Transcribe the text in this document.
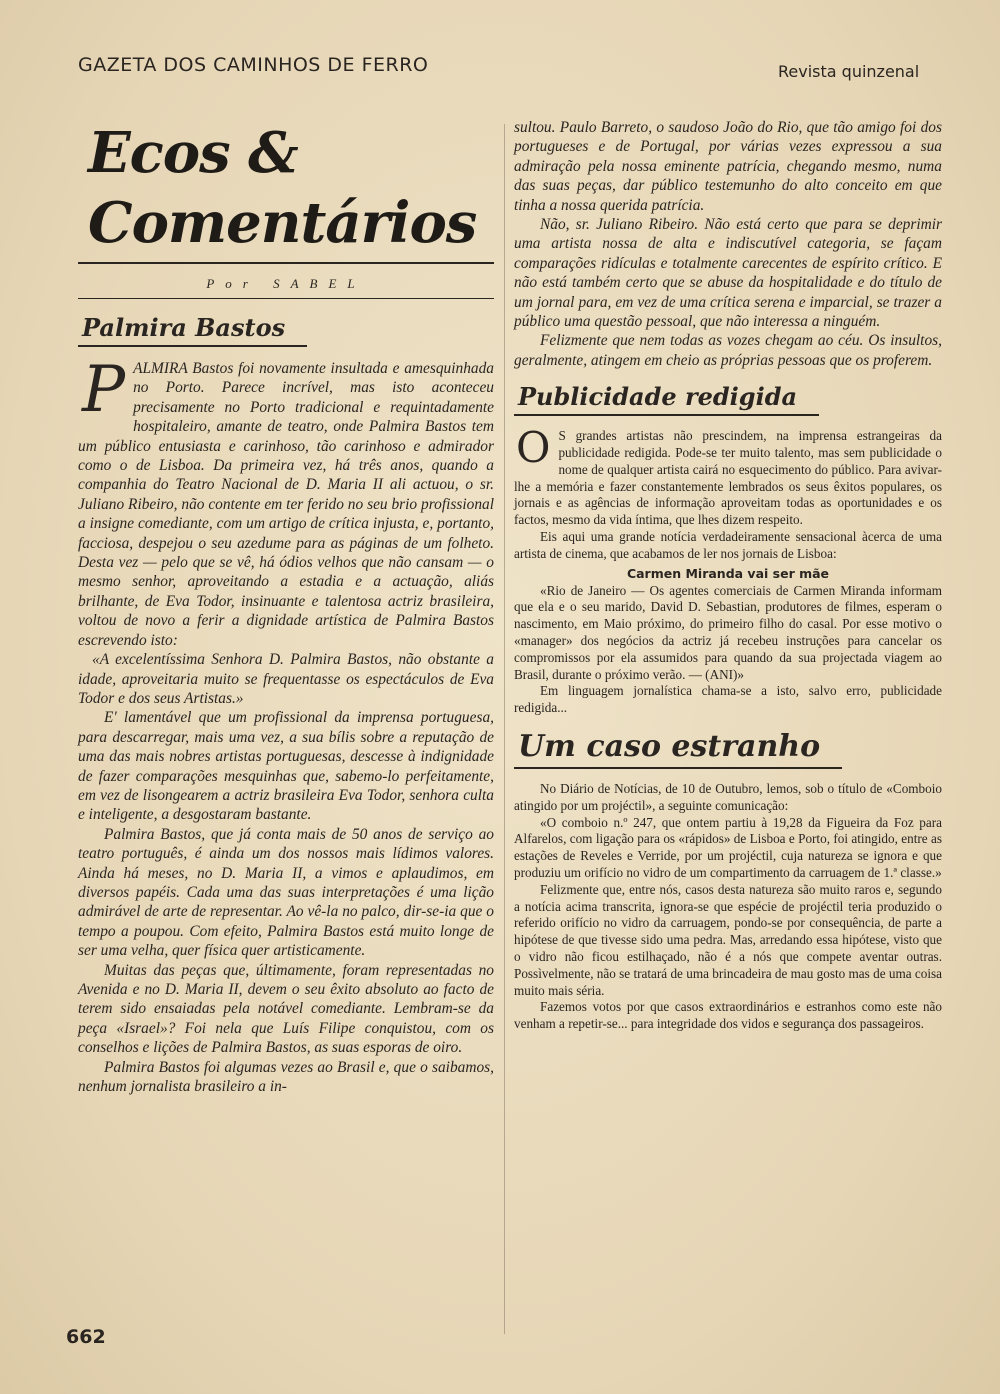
GAZETA DOS CAMINHOS DE FERRO	Revista quinzenal
Ecos & Comentários
Por SABEL
Palmira Bastos

PALMIRA Bastos foi novamente insultada e amesquinhada no Porto. Parece incrível, mas isto aconteceu precisamente no Porto tradicional e requintadamente hospitaleiro, amante de teatro, onde Palmira Bastos tem um público entusiasta e carinhoso, tão carinhoso e admirador como o de Lisboa. Da primeira vez, há três anos, quando a companhia do Teatro Nacional de D. Maria II ali actuou, o sr. Juliano Ribeiro, não contente em ter ferido no seu brio profissional a insigne comediante, com um artigo de crítica injusta, e, portanto, facciosa, despejou o seu azedume para as páginas de um folheto. Desta vez — pelo que se vê, há ódios velhos que não cansam — o mesmo senhor, aproveitando a estadia e a actuação, aliás brilhante, de Eva Todor, insinuante e talentosa actriz brasileira, voltou de novo a ferir a dignidade artística de Palmira Bastos escrevendo isto:

«A excelentíssima Senhora D. Palmira Bastos, não obstante a idade, aproveitaria muito se frequentasse os espectáculos de Eva Todor e dos seus Artistas.»

E' lamentável que um profissional da imprensa portuguesa, para descarregar, mais uma vez, a sua bílis sobre a reputação de uma das mais nobres artistas portuguesas, descesse à indignidade de fazer comparações mesquinhas que, sabemo-lo perfeitamente, em vez de lisongearem a actriz brasileira Eva Todor, senhora culta e inteligente, a desgostaram bastante.

Palmira Bastos, que já conta mais de 50 anos de serviço ao teatro português, é ainda um dos nossos mais lídimos valores. Ainda há meses, no D. Maria II, a vimos e aplaudimos, em diversos papéis. Cada uma das suas interpretações é uma lição admirável de arte de representar. Ao vê-la no palco, dir-se-ia que o tempo a poupou. Com efeito, Palmira Bastos está muito longe de ser uma velha, quer física quer artisticamente.

Muitas das peças que, últimamente, foram representadas no Avenida e no D. Maria II, devem o seu êxito absoluto ao facto de terem sido ensaiadas pela notável comediante. Lembram-se da peça «Israel»? Foi nela que Luís Filipe conquistou, com os conselhos e lições de Palmira Bastos, as suas esporas de oiro.

Palmira Bastos foi algumas vezes ao Brasil e, que o saibamos, nenhum jornalista brasileiro a in-

sultou. Paulo Barreto, o saudoso João do Rio, que tão amigo foi dos portugueses e de Portugal, por várias vezes expressou a sua admiração pela nossa eminente patrícia, chegando mesmo, numa das suas peças, dar público testemunho do alto conceito em que tinha a nossa querida patrícia.

Não, sr. Juliano Ribeiro. Não está certo que para se deprimir uma artista nossa de alta e indiscutível categoria, se façam comparações ridículas e totalmente carecentes de espírito crítico. E não está também certo que se abuse da hospitalidade e do título de um jornal para, em vez de uma crítica serena e imparcial, se trazer a público uma questão pessoal, que não interessa a ninguém.

Felizmente que nem todas as vozes chegam ao céu. Os insultos, geralmente, atingem em cheio as próprias pessoas que os proferem.

Publicidade redigida

O S grandes artistas não prescindem, na imprensa estrangeiras da publicidade redigida. Pode-se ter muito talento, mas sem publicidade o nome de qualquer artista cairá no esquecimento do público. Para avivar-lhe a memória e fazer constantemente lembrados os seus êxitos populares, os jornais e as agências de informação aproveitam todas as oportunidades e os factos, mesmo da vida íntima, que lhes dizem respeito.

Eis aqui uma grande notícia verdadeiramente sensacional àcerca de uma artista de cinema, que acabamos de ler nos jornais de Lisboa:

Carmen Miranda vai ser mãe

«Rio de Janeiro — Os agentes comerciais de Carmen Miranda informam que ela e o seu marido, David D. Sebastian, produtores de filmes, esperam o nascimento, em Maio próximo, do primeiro filho do casal. Por esse motivo o «manager» dos negócios da actriz já recebeu instruções para cancelar os compromissos por ela assumidos para quando da sua projectada viagem ao Brasil, durante o próximo verão. — (ANI)»

Em linguagem jornalística chama-se a isto, salvo erro, publicidade redigida...

Um caso estranho

No Diário de Notícias, de 10 de Outubro, lemos, sob o título de «Comboio atingido por um projéctil», a seguinte comunicação:

«O comboio n.º 247, que ontem partiu à 19,28 da Figueira da Foz para Alfarelos, com ligação para os «rápidos» de Lisboa e Porto, foi atingido, entre as estações de Reveles e Verride, por um projéctil, cuja natureza se ignora e que produziu um orifício no vidro de um compartimento da carruagem de 1.ª classe.»

Felizmente que, entre nós, casos desta natureza são muito raros e, segundo a notícia acima transcrita, ignora-se que espécie de projéctil teria produzido o referido orifício no vidro da carruagem, pondo-se por consequência, de parte a hipótese de que tivesse sido uma pedra. Mas, arredando essa hipótese, visto que o vidro não ficou estilhaçado, não é a nós que compete aventar outras. Possìvelmente, não se tratará de uma brincadeira de mau gosto mas de uma coisa muito mais séria.

Fazemos votos por que casos extraordinários e estranhos como este não venham a repetir-se... para integridade dos vidos e segurança dos passageiros.

662
